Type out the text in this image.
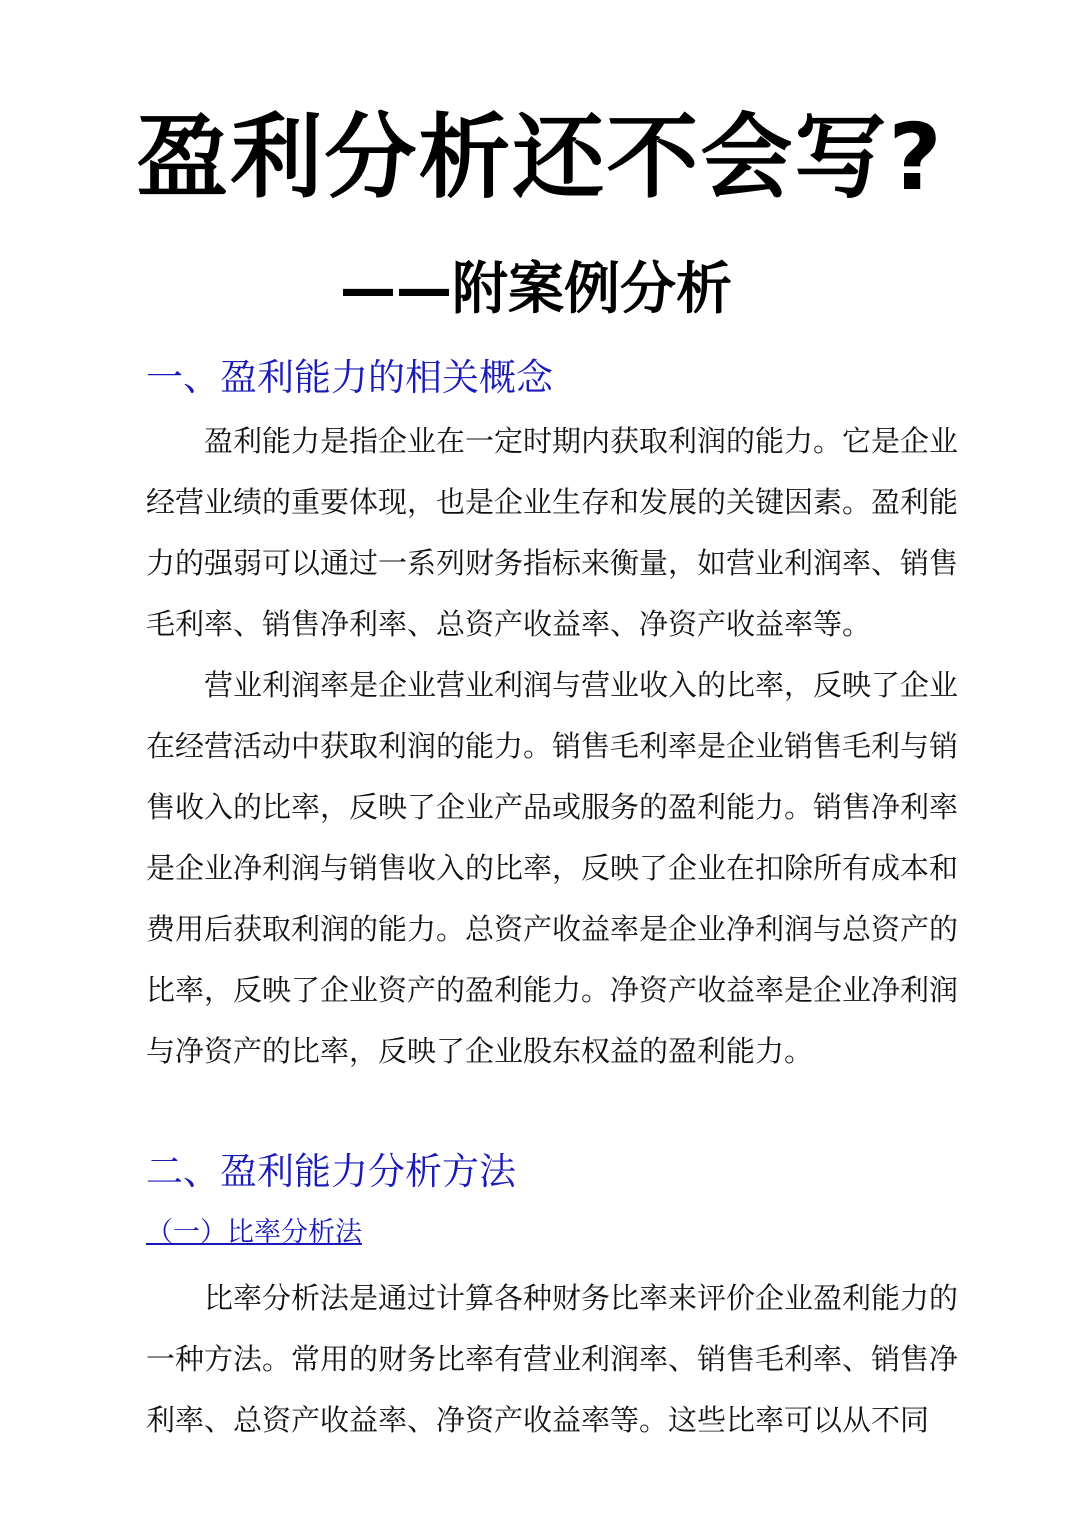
盈利分析还不会写?
——附案例分析
一、盈利能力的相关概念

盈利能力是指企业在一定时期内获取利润的能力。它是企业经营业绩的重要体现，也是企业生存和发展的关键因素。盈利能力的强弱可以通过一系列财务指标来衡量，如营业利润率、销售毛利率、销售净利率、总资产收益率、净资产收益率等。

营业利润率是企业营业利润与营业收入的比率，反映了企业在经营活动中获取利润的能力。销售毛利率是企业销售毛利与销售收入的比率，反映了企业产品或服务的盈利能力。销售净利率是企业净利润与销售收入的比率，反映了企业在扣除所有成本和费用后获取利润的能力。总资产收益率是企业净利润与总资产的比率，反映了企业资产的盈利能力。净资产收益率是企业净利润与净资产的比率，反映了企业股东权益的盈利能力。

二、盈利能力分析方法
（一）比率分析法

比率分析法是通过计算各种财务比率来评价企业盈利能力的一种方法。常用的财务比率有营业利润率、销售毛利率、销售净利率、总资产收益率、净资产收益率等。这些比率可以从不同
